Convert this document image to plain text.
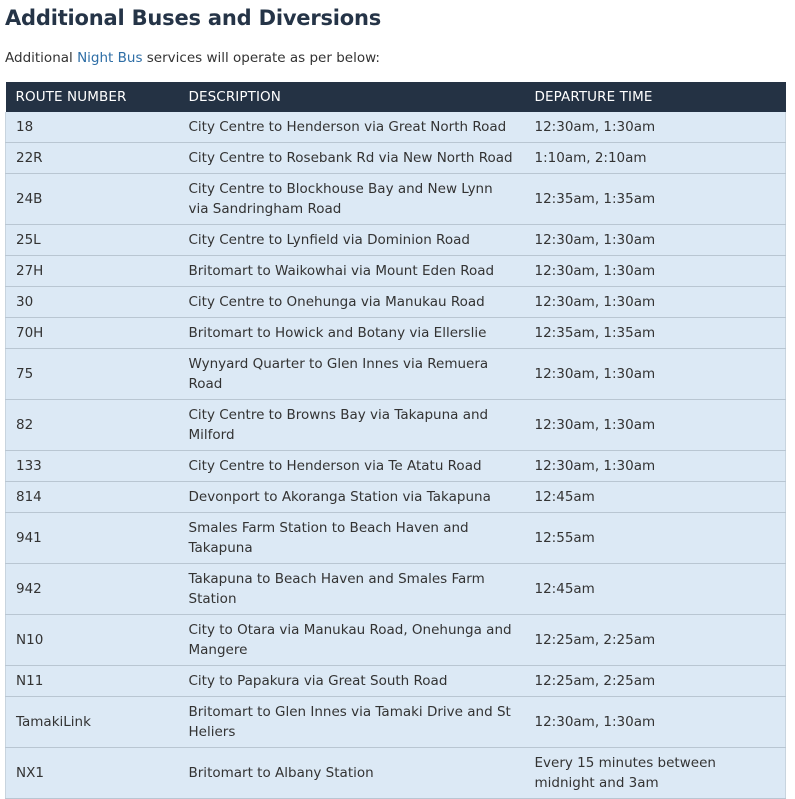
Additional Buses and Diversions

Additional Night Bus services will operate as per below:

ROUTE NUMBER	DESCRIPTION	DEPARTURE TIME
18	City Centre to Henderson via Great North Road	12:30am, 1:30am
22R	City Centre to Rosebank Rd via New North Road	1:10am, 2:10am
24B	City Centre to Blockhouse Bay and New Lynn via Sandringham Road	12:35am, 1:35am
25L	City Centre to Lynfield via Dominion Road	12:30am, 1:30am
27H	Britomart to Waikowhai via Mount Eden Road	12:30am, 1:30am
30	City Centre to Onehunga via Manukau Road	12:30am, 1:30am
70H	Britomart to Howick and Botany via Ellerslie	12:35am, 1:35am
75	Wynyard Quarter to Glen Innes via Remuera Road	12:30am, 1:30am
82	City Centre to Browns Bay via Takapuna and Milford	12:30am, 1:30am
133	City Centre to Henderson via Te Atatu Road	12:30am, 1:30am
814	Devonport to Akoranga Station via Takapuna	12:45am
941	Smales Farm Station to Beach Haven and Takapuna	12:55am
942	Takapuna to Beach Haven and Smales Farm Station	12:45am
N10	City to Otara via Manukau Road, Onehunga and Mangere	12:25am, 2:25am
N11	City to Papakura via Great South Road	12:25am, 2:25am
TamakiLink	Britomart to Glen Innes via Tamaki Drive and St Heliers	12:30am, 1:30am
NX1	Britomart to Albany Station	Every 15 minutes between midnight and 3am
